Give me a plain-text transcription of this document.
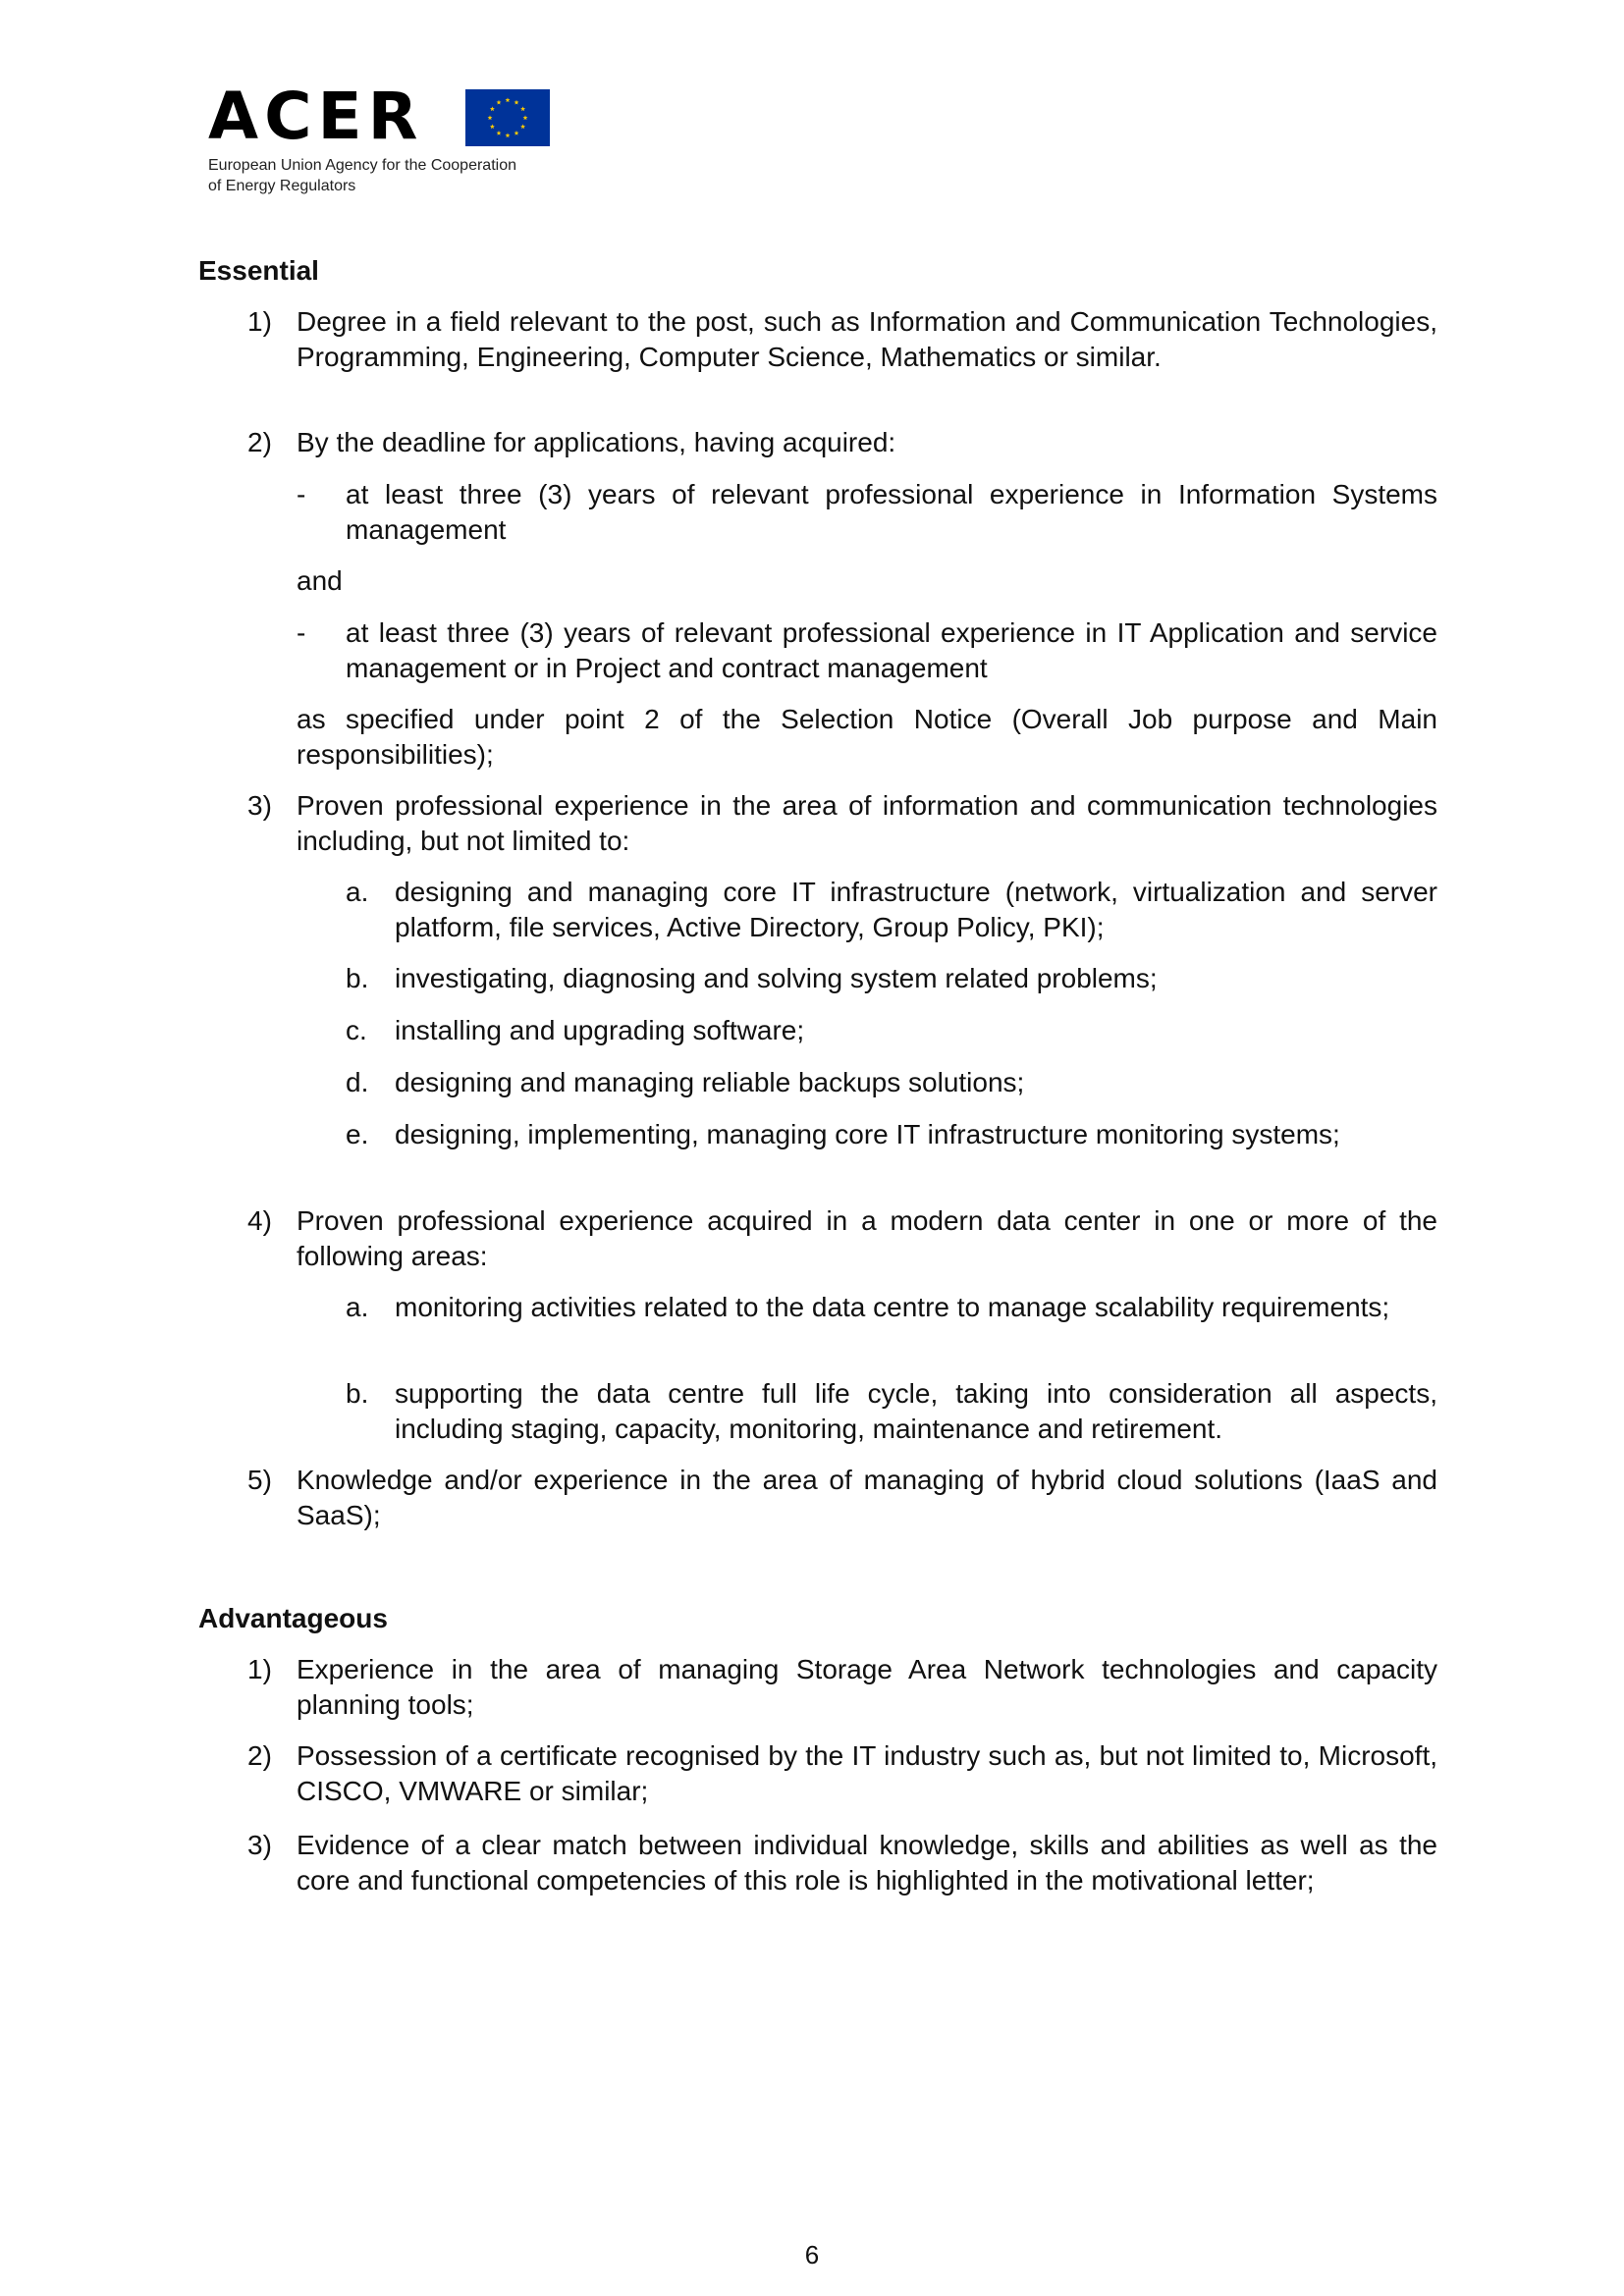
ACER
European Union Agency for the Cooperation
of Energy Regulators
Essential
1) Degree in a field relevant to the post, such as Information and Communication Technologies, Programming, Engineering, Computer Science, Mathematics or similar.
2) By the deadline for applications, having acquired:
- at least three (3) years of relevant professional experience in Information Systems management
and
- at least three (3) years of relevant professional experience in IT Application and service management or in Project and contract management
as specified under point 2 of the Selection Notice (Overall Job purpose and Main responsibilities);
3) Proven professional experience in the area of information and communication technologies including, but not limited to:
a. designing and managing core IT infrastructure (network, virtualization and server platform, file services, Active Directory, Group Policy, PKI);
b. investigating, diagnosing and solving system related problems;
c. installing and upgrading software;
d. designing and managing reliable backups solutions;
e. designing, implementing, managing core IT infrastructure monitoring systems;
4) Proven professional experience acquired in a modern data center in one or more of the following areas:
a. monitoring activities related to the data centre to manage scalability requirements;
b. supporting the data centre full life cycle, taking into consideration all aspects, including staging, capacity, monitoring, maintenance and retirement.
5) Knowledge and/or experience in the area of managing of hybrid cloud solutions (IaaS and SaaS);
Advantageous
1) Experience in the area of managing Storage Area Network technologies and capacity planning tools;
2) Possession of a certificate recognised by the IT industry such as, but not limited to, Microsoft, CISCO, VMWARE or similar;
3) Evidence of a clear match between individual knowledge, skills and abilities as well as the core and functional competencies of this role is highlighted in the motivational letter;
6
